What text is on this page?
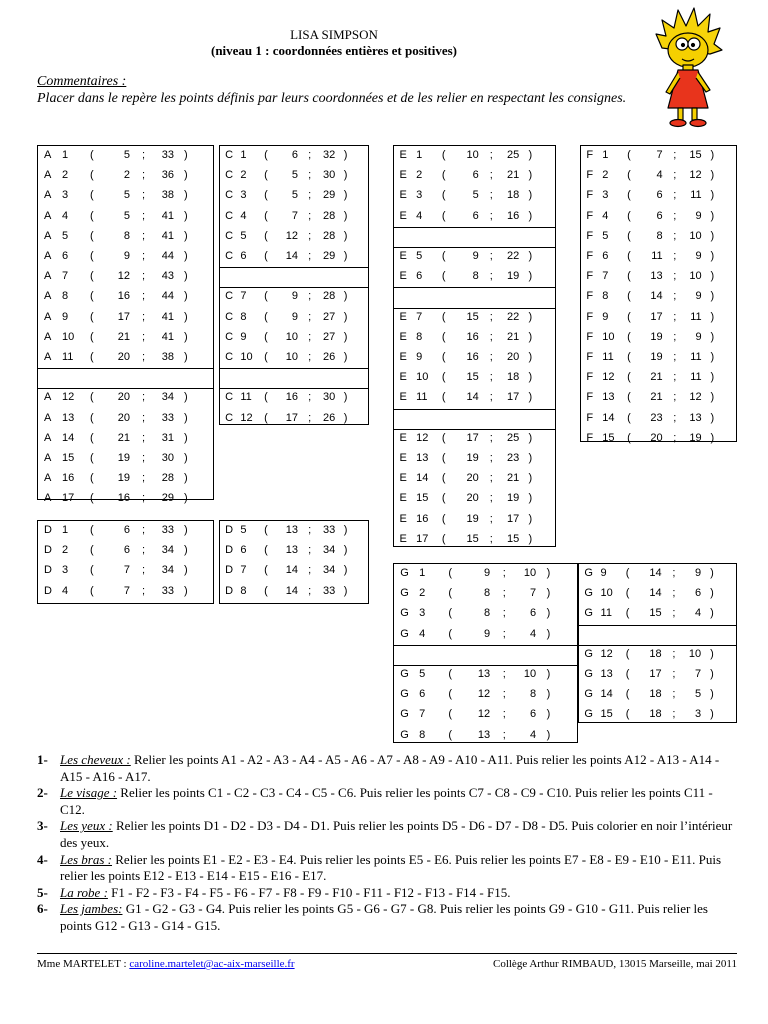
LISA SIMPSON
(niveau 1 : coordonnées entières et positives)
Commentaires :
Placer dans le repère les points définis par leurs coordonnées et de les relier en respectant les consignes.
A 1 (	5 ; 33 )
A 2 (	2 ; 36 )
A 3 (	5 ; 38 )
A 4 (	5 ; 41 )
A 5 (	8 ; 41 )
A 6 (	9 ; 44 )
A 7 ( 12 ; 43 )
A 8 ( 16 ; 44 )
A 9 ( 17 ; 41 )
A 10 ( 21 ; 41 )
A 11 ( 20 ; 38 )
A 12 ( 20 ; 34 )
A 13 ( 20 ; 33 )
A 14 ( 21 ; 31 )
A 15 ( 19 ; 30 )
A 16 ( 19 ; 28 )
A 17 ( 16 ; 29 )
C 1 ( 6 ; 32 )
C 2 ( 5 ; 30 )
C 3 ( 5 ; 29 )
C 4 ( 7 ; 28 )
C 5 ( 12 ; 28 )
C 6 ( 14 ; 29 )
C 7 ( 9 ; 28 )
C 8 ( 9 ; 27 )
C 9 ( 10 ; 27 )
C 10 ( 10 ; 26 )
C 11 ( 16 ; 30 )
C 12 ( 17 ; 26 )
E 1 ( 10 ; 25 )
E 2 ( 6 ; 21 )
E 3 ( 5 ; 18 )
E 4 ( 6 ; 16 )
E 5 ( 9 ; 22 )
E 6 ( 8 ; 19 )
E 7 ( 15 ; 22 )
E 8 ( 16 ; 21 )
E 9 ( 16 ; 20 )
E 10 ( 15 ; 18 )
E 11 ( 14 ; 17 )
E 12 ( 17 ; 25 )
E 13 ( 19 ; 23 )
E 14 ( 20 ; 21 )
E 15 ( 20 ; 19 )
E 16 ( 19 ; 17 )
E 17 ( 15 ; 15 )
F 1 ( 7 ; 15 )
F 2 ( 4 ; 12 )
F 3 ( 6 ; 11 )
F 4 ( 6 ; 9 )
F 5 ( 8 ; 10 )
F 6 ( 11 ; 9 )
F 7 ( 13 ; 10 )
F 8 ( 14 ; 9 )
F 9 ( 17 ; 11 )
F 10 ( 19 ; 9 )
F 11 ( 19 ; 11 )
F 12 ( 21 ; 11 )
F 13 ( 21 ; 12 )
F 14 ( 23 ; 13 )
F 15 ( 20 ; 19 )
D 1 (	6 ; 33 )
D 2 (	6 ; 34 )
D 3 (	7 ; 34 )
D 4 (	7 ; 33 )
D 5 ( 13 ; 33 )
D 6 ( 13 ; 34 )
D 7 ( 14 ; 34 )
D 8 ( 14 ; 33 )
G 1 (	9 ; 10 )
G 2 (	8 ; 7 )
G 3 (	8 ; 6 )
G 4 (	9 ; 4 )
G 5 ( 13 ; 10 )
G 6 ( 12 ; 8 )
G 7 ( 12 ; 6 )
G 8 ( 13 ; 4 )
G 9 ( 14 ; 9 )
G 10 ( 14 ; 6 )
G 11 ( 15 ; 4 )
G 12 ( 18 ; 10 )
G 13 ( 17 ; 7 )
G 14 ( 18 ; 5 )
G 15 ( 18 ; 3 )
1- Les cheveux : Relier les points A1 - A2 - A3 - A4 - A5 - A6 - A7 - A8 - A9 - A10 - A11. Puis relier les points A12 - A13 - A14 - A15 - A16 - A17.
2- Le visage : Relier les points C1 - C2 - C3 - C4 - C5 - C6. Puis relier les points C7 - C8 - C9 - C10. Puis relier les points C11 - C12.
3- Les yeux : Relier les points D1 - D2 - D3 - D4 - D1. Puis relier les points D5 - D6 - D7 - D8 - D5. Puis colorier en noir l’intérieur des yeux.
4- Les bras : Relier les points E1 - E2 - E3 - E4. Puis relier les points E5 - E6. Puis relier les points E7 - E8 - E9 - E10 - E11. Puis relier les points E12 - E13 - E14 - E15 - E16 - E17.
5- La robe : F1 - F2 - F3 - F4 - F5 - F6 - F7 - F8 - F9 - F10 - F11 - F12 - F13 - F14 - F15.
6- Les jambes: G1 - G2 - G3 - G4. Puis relier les points G5 - G6 - G7 - G8. Puis relier les points G9 - G10 - G11. Puis relier les points G12 - G13 - G14 - G15.
Mme MARTELET : caroline.martelet@ac-aix-marseille.fr	Collège Arthur RIMBAUD, 13015 Marseille, mai 2011
